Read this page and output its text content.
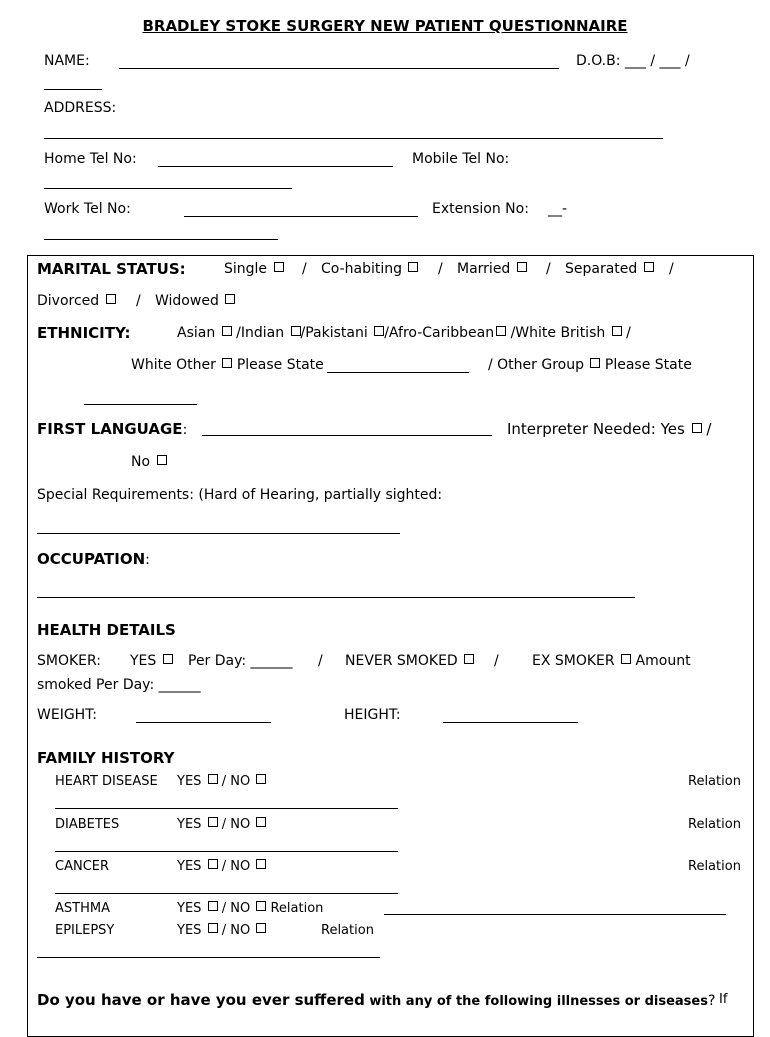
BRADLEY STOKE SURGERY NEW PATIENT QUESTIONNAIRE
NAME:	D.O.B: ___ / ___ /
ADDRESS:
Home Tel No:	Mobile Tel No:
Work Tel No:	Extension No: __-
MARITAL STATUS:	Single	/ Co-habiting	/ Married	/ Separated	/
Divorced	/ Widowed
ETHNICITY:	Asian /Indian /Pakistani /Afro-Caribbean /White British /
White Other Please State	/ Other Group Please State
FIRST LANGUAGE:	Interpreter Needed: Yes /
No
Special Requirements: (Hard of Hearing, partially sighted:
OCCUPATION:
HEALTH DETAILS
SMOKER: YES	Per Day: ______ / NEVER SMOKED	/ EX SMOKER Amount
smoked Per Day: ______
WEIGHT:	HEIGHT:
FAMILY HISTORY
HEART DISEASE YES / NO	Relation
DIABETES	YES / NO	Relation
CANCER	YES / NO	Relation
ASTHMA	YES / NO Relation
EPILEPSY	YES / NO	Relation
Do you have or have you ever suffered with any of the following illnesses or diseases? If
